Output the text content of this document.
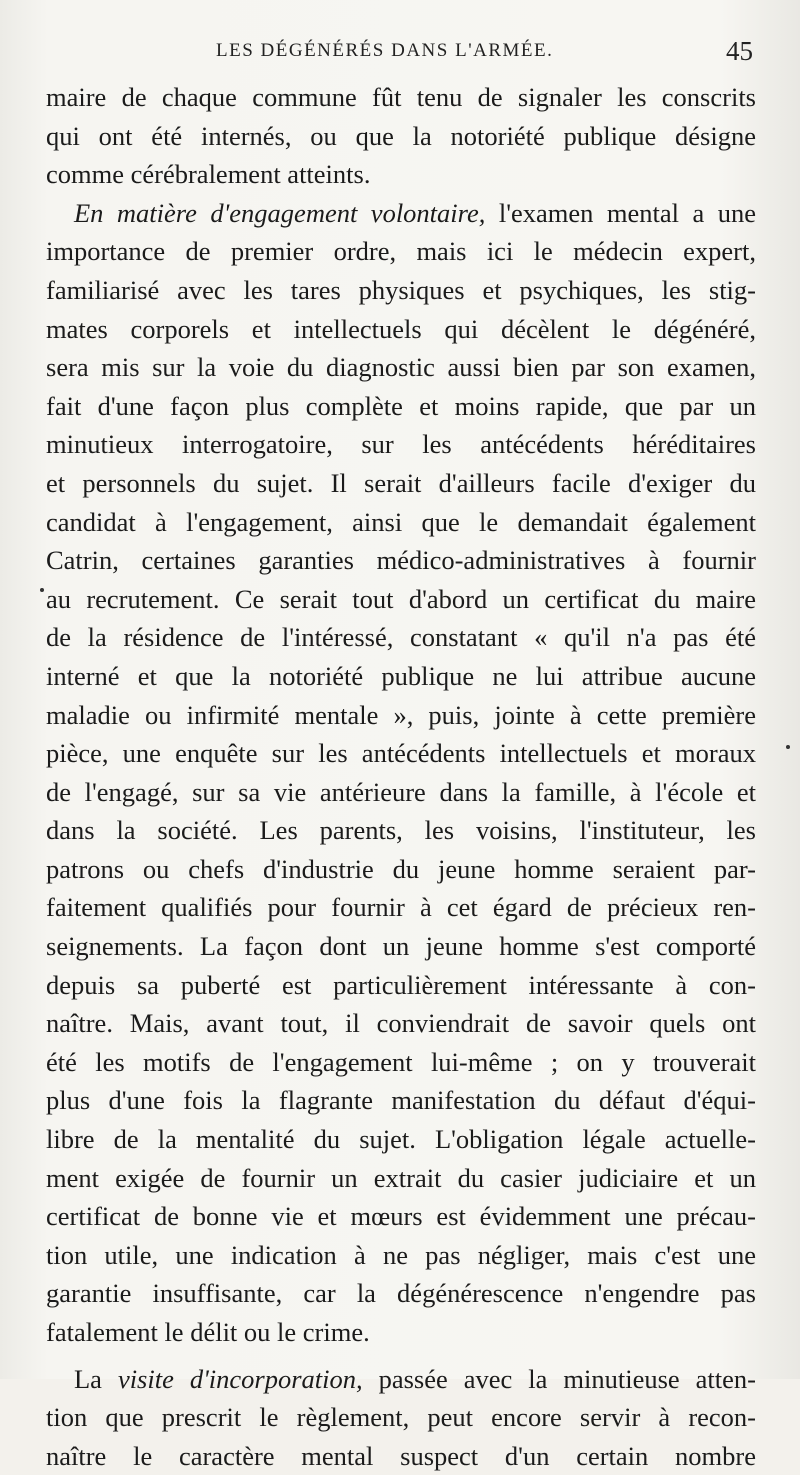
LES DÉGÉNÉRÉS DANS L'ARMÉE.	45
maire de chaque commune fût tenu de signaler les conscrits
qui ont été internés, ou que la notoriété publique désigne
comme cérébralement atteints.
En matière d'engagement volontaire, l'examen mental a une
importance de premier ordre, mais ici le médecin expert,
familiarisé avec les tares physiques et psychiques, les stig-
mates corporels et intellectuels qui décèlent le dégénéré,
sera mis sur la voie du diagnostic aussi bien par son examen,
fait d'une façon plus complète et moins rapide, que par un
minutieux interrogatoire, sur les antécédents héréditaires
et personnels du sujet. Il serait d'ailleurs facile d'exiger du
candidat à l'engagement, ainsi que le demandait également
Catrin, certaines garanties médico-administratives à fournir
au recrutement. Ce serait tout d'abord un certificat du maire
de la résidence de l'intéressé, constatant « qu'il n'a pas été
interné et que la notoriété publique ne lui attribue aucune
maladie ou infirmité mentale », puis, jointe à cette première
pièce, une enquête sur les antécédents intellectuels et moraux
de l'engagé, sur sa vie antérieure dans la famille, à l'école et
dans la société. Les parents, les voisins, l'instituteur, les
patrons ou chefs d'industrie du jeune homme seraient par-
faitement qualifiés pour fournir à cet égard de précieux ren-
seignements. La façon dont un jeune homme s'est comporté
depuis sa puberté est particulièrement intéressante à con-
naître. Mais, avant tout, il conviendrait de savoir quels ont
été les motifs de l'engagement lui-même ; on y trouverait
plus d'une fois la flagrante manifestation du défaut d'équi-
libre de la mentalité du sujet. L'obligation légale actuelle-
ment exigée de fournir un extrait du casier judiciaire et un
certificat de bonne vie et mœurs est évidemment une précau-
tion utile, une indication à ne pas négliger, mais c'est une
garantie insuffisante, car la dégénérescence n'engendre pas
fatalement le délit ou le crime.
La visite d'incorporation, passée avec la minutieuse atten-
tion que prescrit le règlement, peut encore servir à recon-
naître le caractère mental suspect d'un certain nombre
